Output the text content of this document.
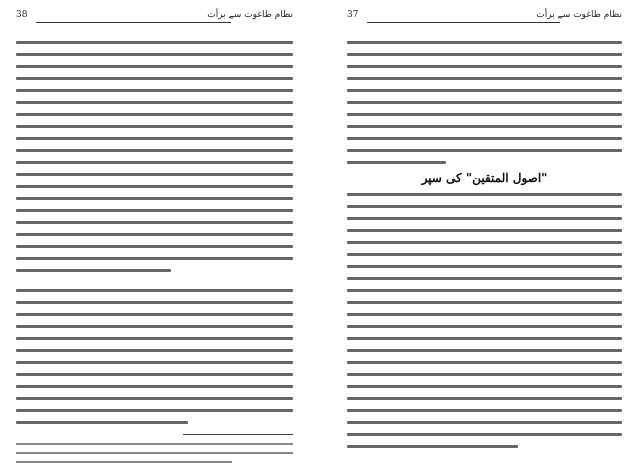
نظام طاغوت سے برأت
38	نظام طاغوت سے برأت
37
"اصول المتقین" کی سپر
